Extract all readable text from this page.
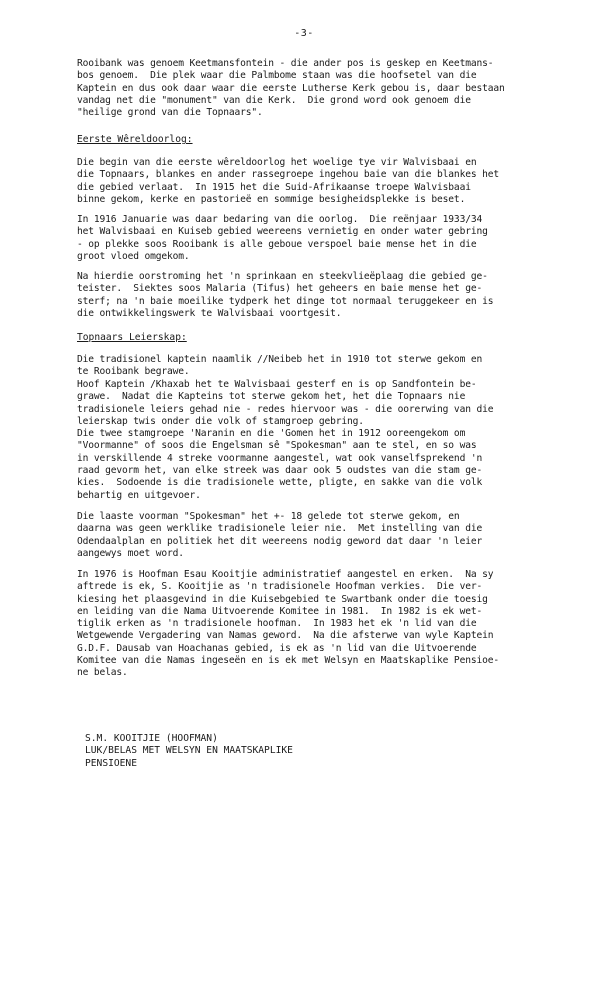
-3-
Rooibank was genoem Keetmansfontein - die ander pos is geskep en Keetmans-
bos genoem.  Die plek waar die Palmbome staan was die hoofsetel van die
Kaptein en dus ook daar waar die eerste Lutherse Kerk gebou is, daar bestaan
vandag net die "monument" van die Kerk.  Die grond word ook genoem die
"heilige grond van die Topnaars".
Die begin van die eerste wêreldoorlog het woelige tye vir Walvisbaai en
die Topnaars, blankes en ander rassegroepe ingehou baie van die blankes het
die gebied verlaat.  In 1915 het die Suid-Afrikaanse troepe Walvisbaai
binne gekom, kerke en pastorieë en sommige besigheidsplekke is beset.
In 1916 Januarie was daar bedaring van die oorlog.  Die reënjaar 1933/34
het Walvisbaai en Kuiseb gebied weereens vernietig en onder water gebring
- op plekke soos Rooibank is alle geboue verspoel baie mense het in die
groot vloed omgekom.
Na hierdie oorstroming het 'n sprinkaan en steekvlieëplaag die gebied ge-
teister.  Siektes soos Malaria (Tifus) het geheers en baie mense het ge-
sterf; na 'n baie moeilike tydperk het dinge tot normaal teruggekeer en is
die ontwikkelingswerk te Walvisbaai voortgesit.
Die tradisionel kaptein naamlik //Neibeb het in 1910 tot sterwe gekom en
te Rooibank begrawe.
Hoof Kaptein /Khaxab het te Walvisbaai gesterf en is op Sandfontein be-
grawe.  Nadat die Kapteins tot sterwe gekom het, het die Topnaars nie
tradisionele leiers gehad nie - redes hiervoor was - die oorerwing van die
leierskap twis onder die volk of stamgroep gebring.
Die twee stamgroepe 'Naranin en die 'Gomen het in 1912 ooreengekom om
"Voormanne" of soos die Engelsman sê "Spokesman" aan te stel, en so was
in verskillende 4 streke voormanne aangestel, wat ook vanselfsprekend 'n
raad gevorm het, van elke streek was daar ook 5 oudstes van die stam ge-
kies.  Sodoende is die tradisionele wette, pligte, en sakke van die volk
behartig en uitgevoer.
Die laaste voorman "Spokesman" het +- 18 gelede tot sterwe gekom, en
daarna was geen werklike tradisionele leier nie.  Met instelling van die
Odendaalplan en politiek het dit weereens nodig geword dat daar 'n leier
aangewys moet word.
In 1976 is Hoofman Esau Kooitjie administratief aangestel en erken.  Na sy
aftrede is ek, S. Kooitjie as 'n tradisionele Hoofman verkies.  Die ver-
kiesing het plaasgevind in die Kuisebgebied te Swartbank onder die toesig
en leiding van die Nama Uitvoerende Komitee in 1981.  In 1982 is ek wet-
tiglik erken as 'n tradisionele hoofman.  In 1983 het ek 'n lid van die
Wetgewende Vergadering van Namas geword.  Na die afsterwe van wyle Kaptein
G.D.F. Dausab van Hoachanas gebied, is ek as 'n lid van die Uitvoerende
Komitee van die Namas ingeseën en is ek met Welsyn en Maatskaplike Pensioe-
ne belas.
Eerste Wêreldoorlog:
Topnaars Leierskap:
S.M. KOOITJIE (HOOFMAN)
LUK/BELAS MET WELSYN EN MAATSKAPLIKE
PENSIOENE
